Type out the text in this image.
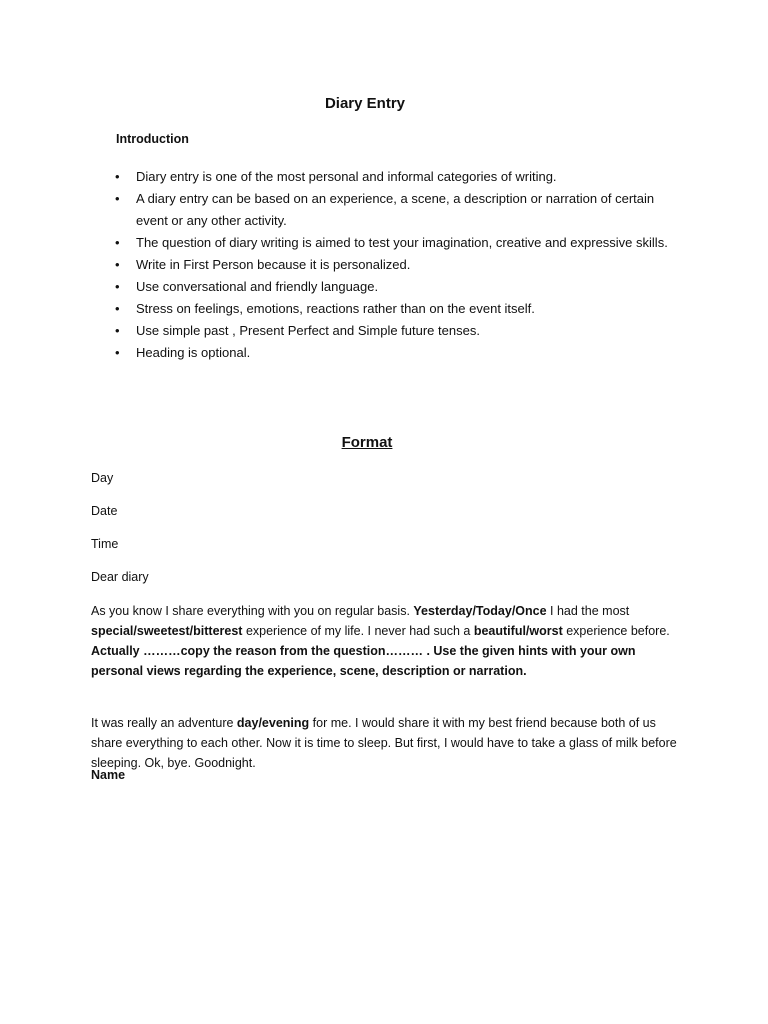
Diary Entry
Introduction
• Diary entry is one of the most personal and informal categories of writing.
• A diary entry can be based on an experience, a scene, a description or narration of certain event or any other activity.
• The question of diary writing is aimed to test your imagination, creative and expressive skills.
• Write in First Person because it is personalized.
• Use conversational and friendly language.
• Stress on feelings, emotions, reactions rather than on the event itself.
• Use simple past , Present Perfect and Simple future tenses.
• Heading is optional.
Format
Day
Date
Time
Dear diary

As you know I share everything with you on regular basis. Yesterday/Today/Once I had the most special/sweetest/bitterest experience of my life. I never had such a beautiful/worst experience before. Actually ………copy the reason from the question……… . Use the given hints with your own personal views regarding the experience, scene, description or narration.

It was really an adventure day/evening for me. I would share it with my best friend because both of us share everything to each other. Now it is time to sleep. But first, I would have to take a glass of milk before sleeping. Ok, bye. Goodnight.

Name
